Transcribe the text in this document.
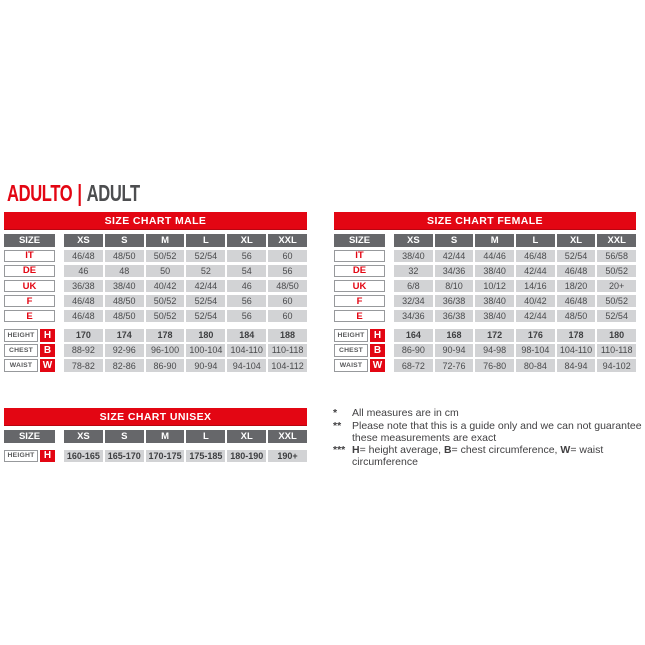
ADULTO | ADULT
SIZE CHART MALE
SIZE	XS	S	M	L	XL	XXL
IT	46/48	48/50	50/52	52/54	56	60
DE	46	48	50	52	54	56
UK	36/38	38/40	40/42	42/44	46	48/50
F	46/48	48/50	50/52	52/54	56	60
E	46/48	48/50	50/52	52/54	56	60
HEIGHT H	170	174	178	180	184	188
CHEST	B	88-92	92-96	96-100	100-104 104-110 110-118
WAIST	W	78-82	82-86	86-90	90-94	94-104	104-112
SIZE CHART FEMALE
SIZE	XS	S	M	L	XL	XXL
IT	38/40	42/44	44/46	46/48	52/54	56/58
DE	32	34/36	38/40	42/44	46/48	50/52
UK	6/8	8/10	10/12	14/16	18/20	20+
F	32/34	36/38	38/40	40/42	46/48	50/52
E	34/36	36/38	38/40	42/44	48/50	52/54
HEIGHT H	164	168	172	176	178	180
CHEST	B	86-90	90-94	94-98	98-104	104-110 110-118
WAIST	W	68-72	72-76	76-80	80-84	84-94	94-102
SIZE CHART UNISEX
SIZE	XS	S	M	L	XL	XXL
HEIGHT H	160-165 165-170 170-175 175-185 180-190	190+
*	All measures are in cm
**	Please note that this is a guide only and we can not guarantee these measurements are exact
*** H= height average, B= chest circumference, W= waist circumference
